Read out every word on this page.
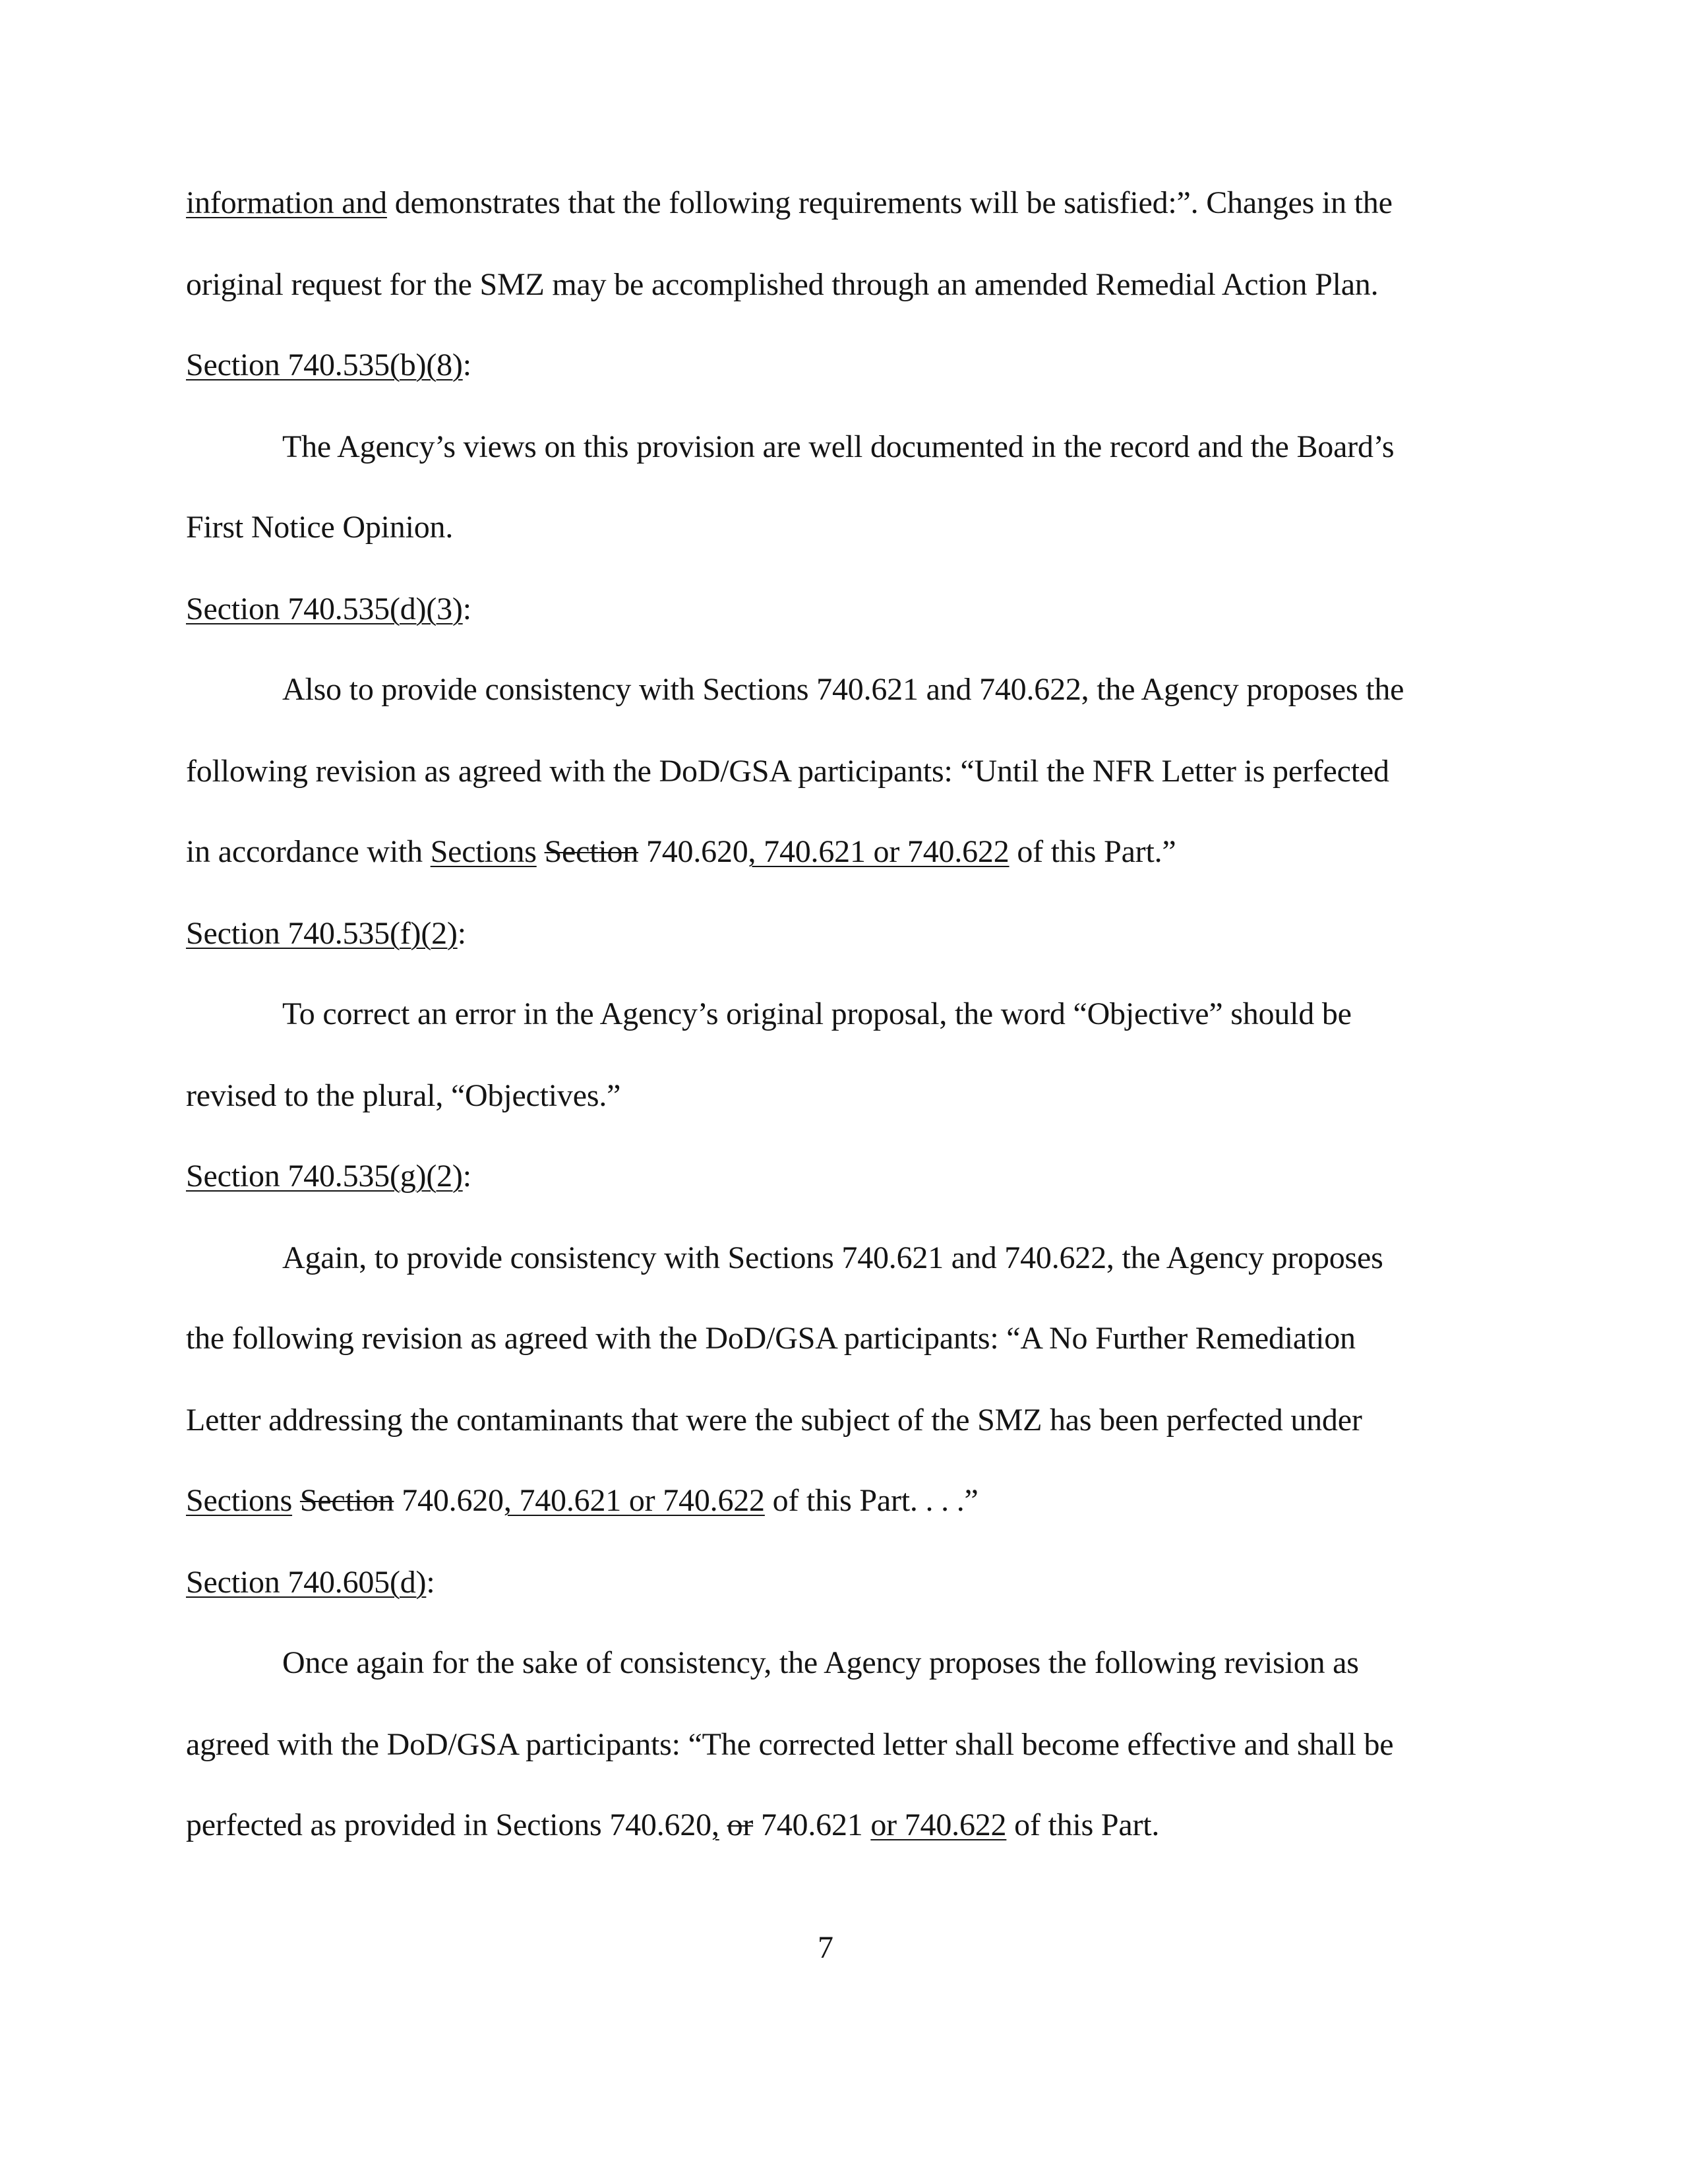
information and demonstrates that the following requirements will be satisfied:”. Changes in the
original request for the SMZ may be accomplished through an amended Remedial Action Plan.
Section 740.535(b)(8):
The Agency’s views on this provision are well documented in the record and the Board’s
First Notice Opinion.
Section 740.535(d)(3):
Also to provide consistency with Sections 740.621 and 740.622, the Agency proposes the
following revision as agreed with the DoD/GSA participants: “Until the NFR Letter is perfected
in accordance with Sections Section 740.620, 740.621 or 740.622 of this Part.”
Section 740.535(f)(2):
To correct an error in the Agency’s original proposal, the word “Objective” should be
revised to the plural, “Objectives.”
Section 740.535(g)(2):
Again, to provide consistency with Sections 740.621 and 740.622, the Agency proposes
the following revision as agreed with the DoD/GSA participants: “A No Further Remediation
Letter addressing the contaminants that were the subject of the SMZ has been perfected under
Sections Section 740.620, 740.621 or 740.622 of this Part. . . .”
Section 740.605(d):
Once again for the sake of consistency, the Agency proposes the following revision as
agreed with the DoD/GSA participants: “The corrected letter shall become effective and shall be
perfected as provided in Sections 740.620, or 740.621 or 740.622 of this Part.
7
